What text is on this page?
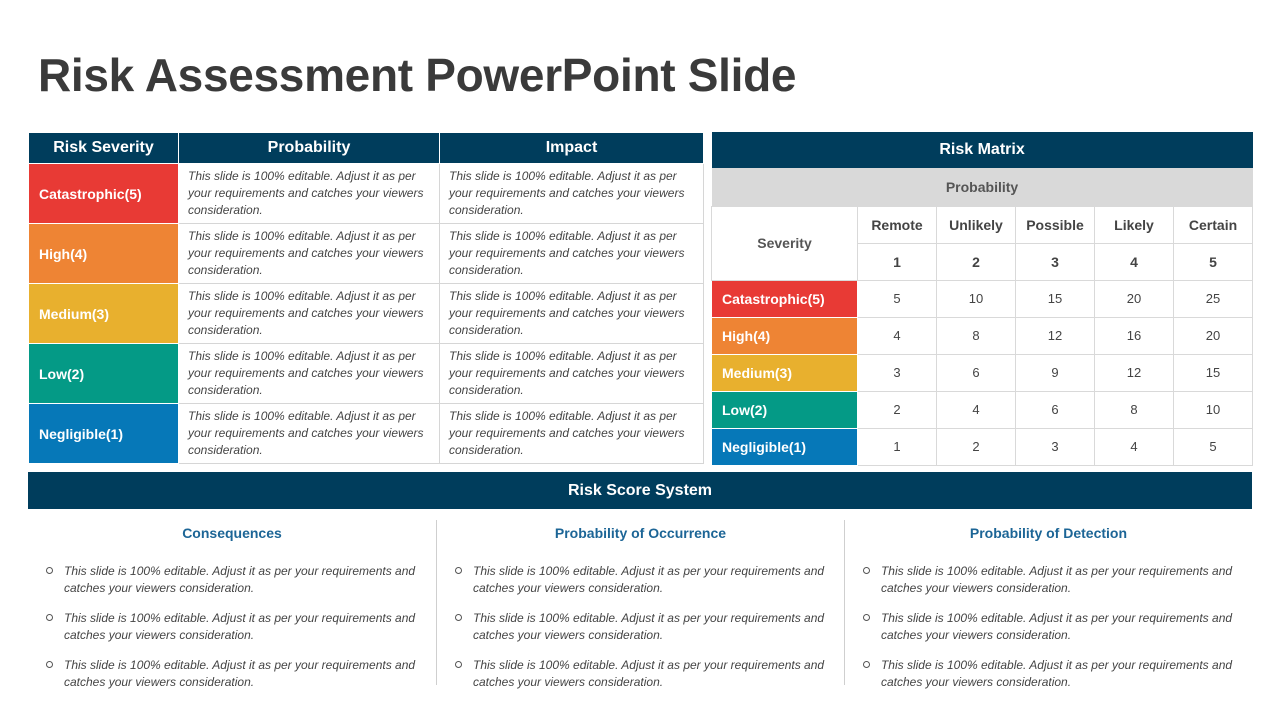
Risk Assessment PowerPoint Slide
Risk Severity	Probability	Impact
Catastrophic(5)	This slide is 100% editable. Adjust it as per your requirements and catches your viewers consideration.	This slide is 100% editable. Adjust it as per your requirements and catches your viewers consideration.
High(4)	This slide is 100% editable. Adjust it as per your requirements and catches your viewers consideration.	This slide is 100% editable. Adjust it as per your requirements and catches your viewers consideration.
Medium(3)	This slide is 100% editable. Adjust it as per your requirements and catches your viewers consideration.	This slide is 100% editable. Adjust it as per your requirements and catches your viewers consideration.
Low(2)	This slide is 100% editable. Adjust it as per your requirements and catches your viewers consideration.	This slide is 100% editable. Adjust it as per your requirements and catches your viewers consideration.
Negligible(1)	This slide is 100% editable. Adjust it as per your requirements and catches your viewers consideration.	This slide is 100% editable. Adjust it as per your requirements and catches your viewers consideration.
Risk Matrix					
Probability					
Severity	Remote	Unlikely	Possible	Likely	Certain
	1	2	3	4	5
Catastrophic(5)	5	10	15	20	25
High(4)	4	8	12	16	20
Medium(3)	3	6	9	12	15
Low(2)	2	4	6	8	10
Negligible(1)	1	2	3	4	5
Risk Score System
Consequences
This slide is 100% editable. Adjust it as per your requirements and catches your viewers consideration.
This slide is 100% editable. Adjust it as per your requirements and catches your viewers consideration.
This slide is 100% editable. Adjust it as per your requirements and catches your viewers consideration.
Probability of Occurrence
This slide is 100% editable. Adjust it as per your requirements and catches your viewers consideration.
This slide is 100% editable. Adjust it as per your requirements and catches your viewers consideration.
This slide is 100% editable. Adjust it as per your requirements and catches your viewers consideration.
Probability of Detection
This slide is 100% editable. Adjust it as per your requirements and catches your viewers consideration.
This slide is 100% editable. Adjust it as per your requirements and catches your viewers consideration.
This slide is 100% editable. Adjust it as per your requirements and catches your viewers consideration.
